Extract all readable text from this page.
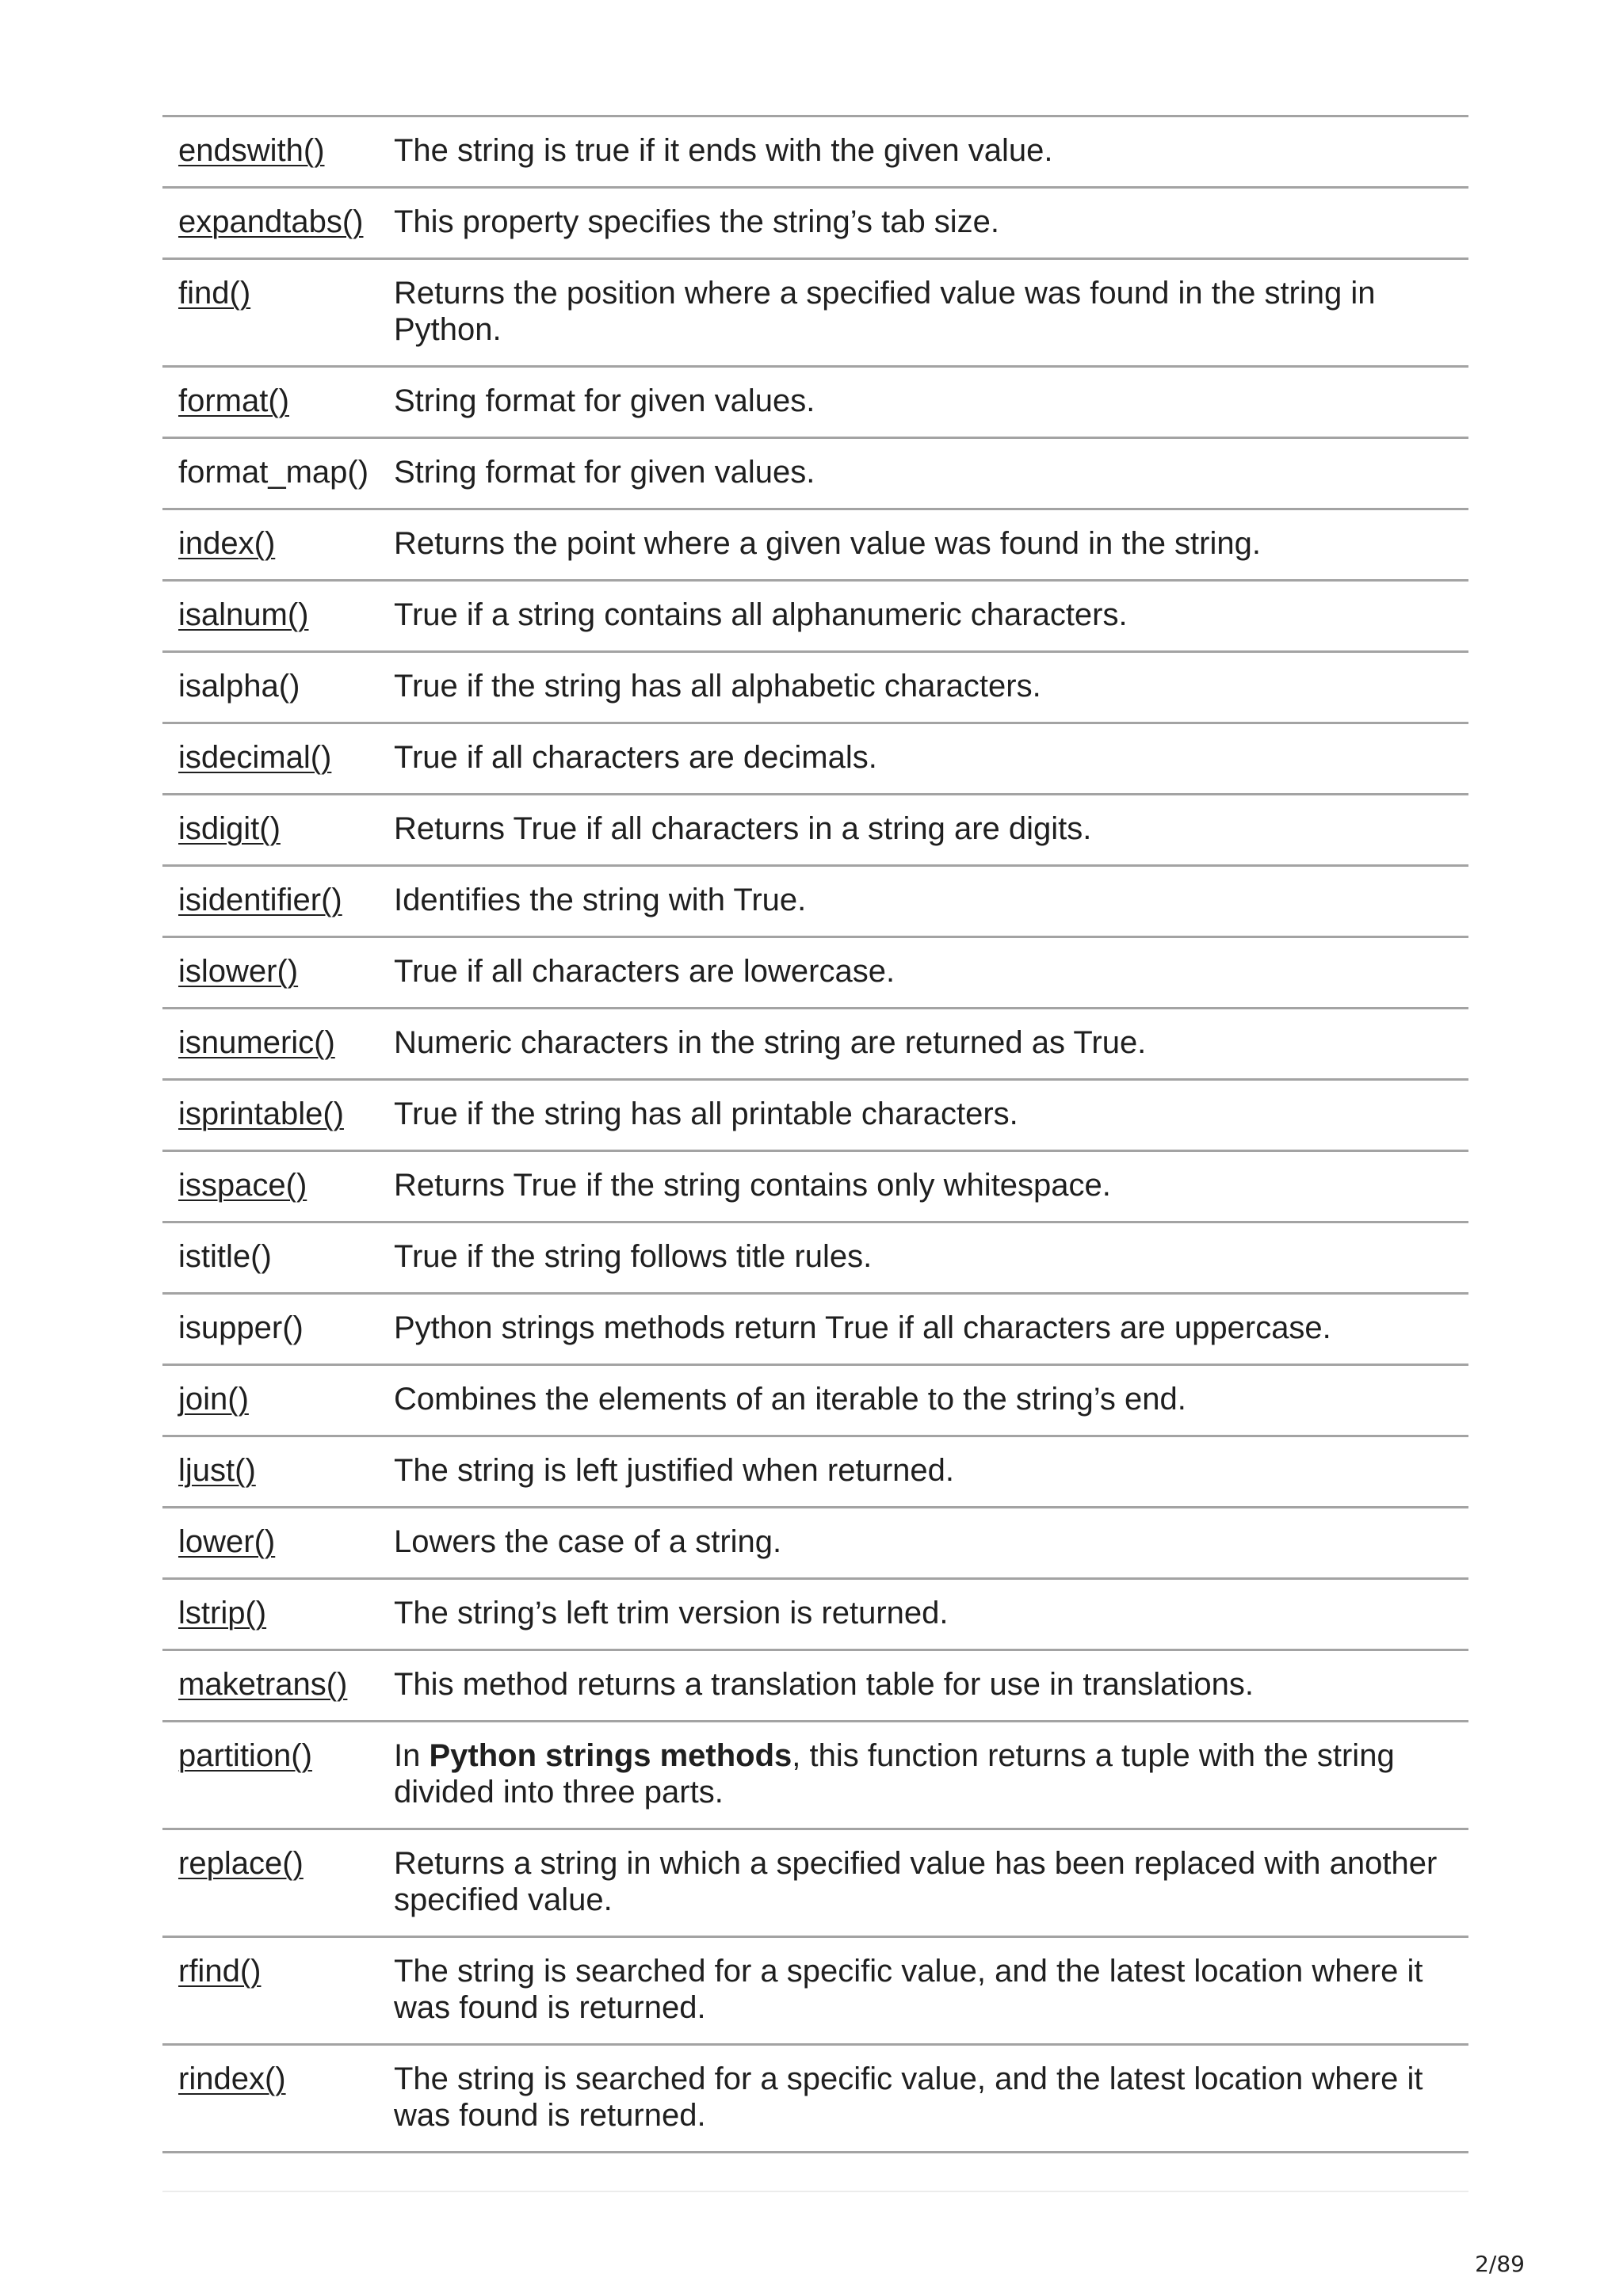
endswith()	The string is true if it ends with the given value.
expandtabs()	This property specifies the string’s tab size.
find()	Returns the position where a specified value was found in the string in Python.
format()	String format for given values.
format_map()	String format for given values.
index()	Returns the point where a given value was found in the string.
isalnum()	True if a string contains all alphanumeric characters.
isalpha()	True if the string has all alphabetic characters.
isdecimal()	True if all characters are decimals.
isdigit()	Returns True if all characters in a string are digits.
isidentifier()	Identifies the string with True.
islower()	True if all characters are lowercase.
isnumeric()	Numeric characters in the string are returned as True.
isprintable()	True if the string has all printable characters.
isspace()	Returns True if the string contains only whitespace.
istitle()	True if the string follows title rules.
isupper()	Python strings methods return True if all characters are uppercase.
join()	Combines the elements of an iterable to the string’s end.
ljust()	The string is left justified when returned.
lower()	Lowers the case of a string.
lstrip()	The string’s left trim version is returned.
maketrans()	This method returns a translation table for use in translations.
partition()	In Python strings methods, this function returns a tuple with the string divided into three parts.
replace()	Returns a string in which a specified value has been replaced with another specified value.
rfind()	The string is searched for a specific value, and the latest location where it was found is returned.
rindex()	The string is searched for a specific value, and the latest location where it was found is returned.
2/89
